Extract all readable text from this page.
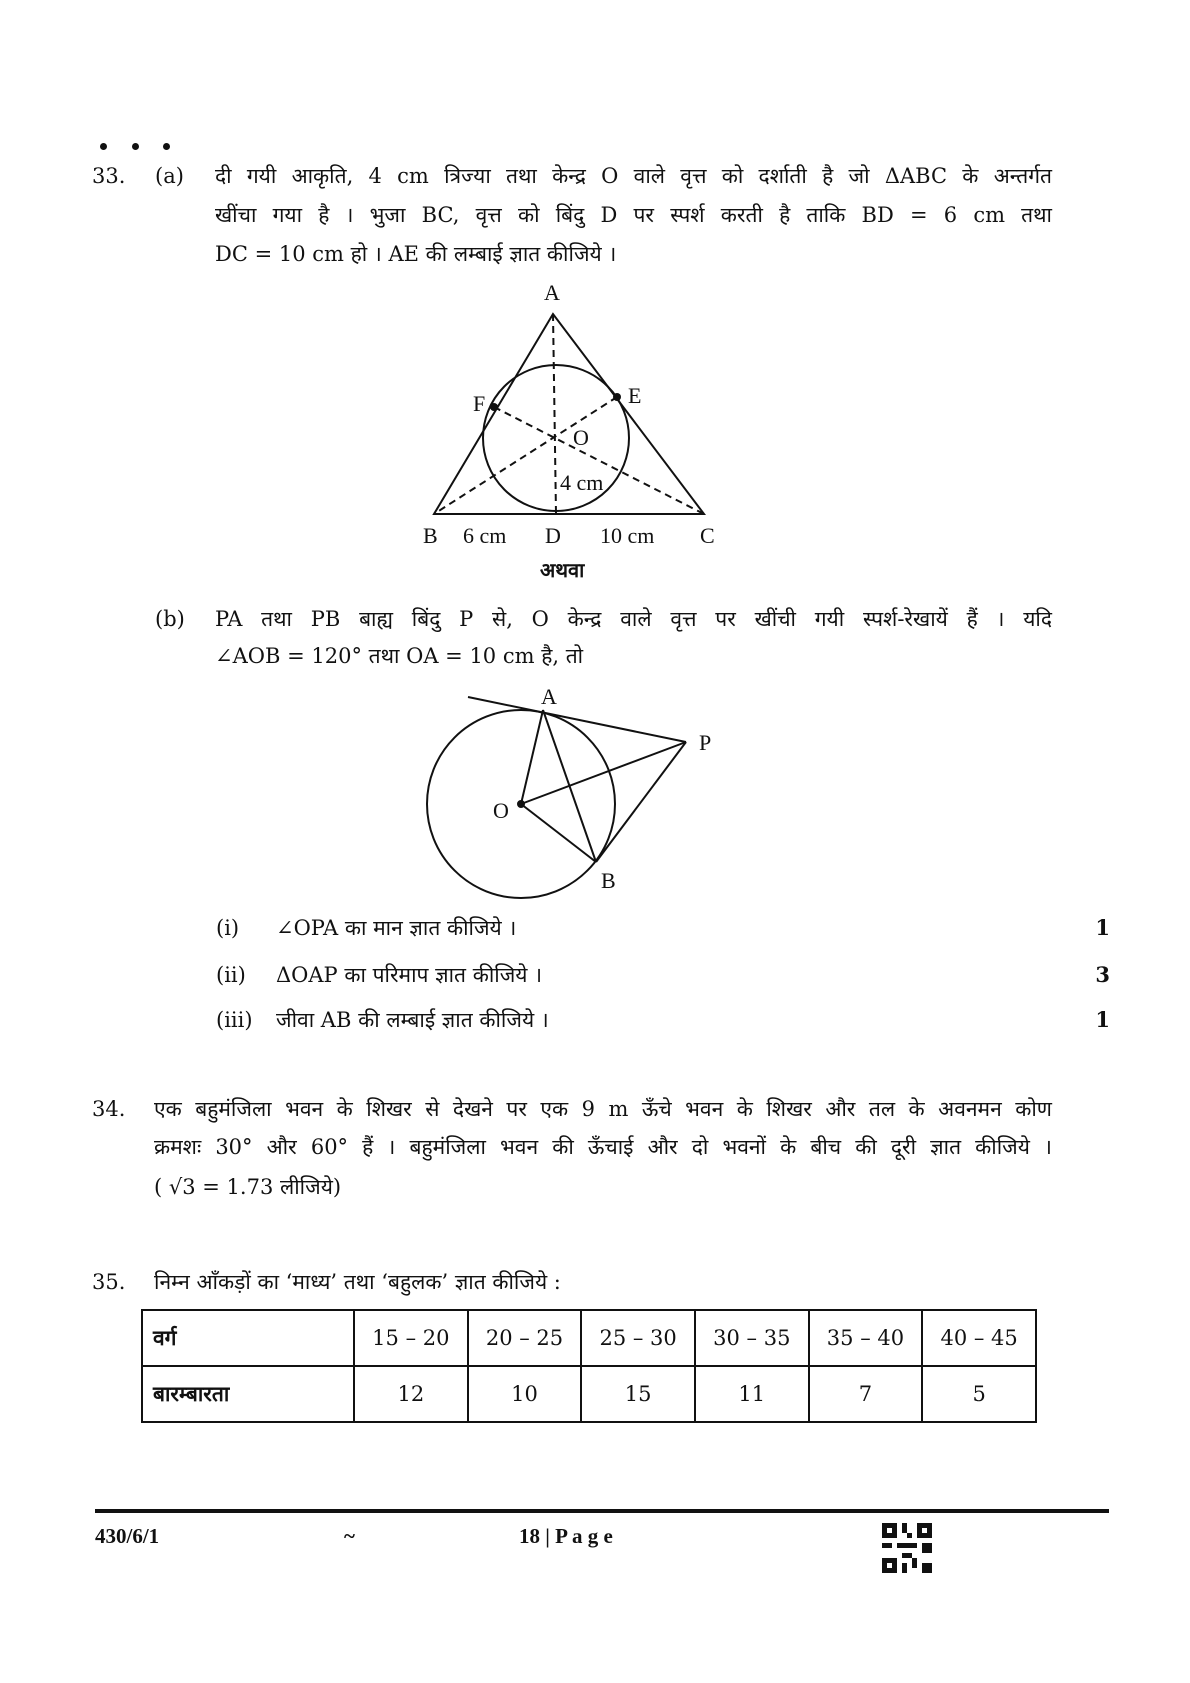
33. (a) दी गयी आकृति, 4 cm त्रिज्या तथा केन्द्र O वाले वृत्त को दर्शाती है जो ΔABC के अन्तर्गत
खींचा गया है । भुजा BC, वृत्त को बिंदु D पर स्पर्श करती है ताकि BD = 6 cm तथा
DC = 10 cm हो । AE की लम्बाई ज्ञात कीजिये ।
A
F	E
O
4 cm
B 6 cm D 10 cm C
अथवा
(b) PA तथा PB बाह्य बिंदु P से, O केन्द्र वाले वृत्त पर खींची गयी स्पर्श-रेखायें हैं । यदि
∠AOB = 120° तथा OA = 10 cm है, तो
A
P
O
B
(i) ∠OPA का मान ज्ञात कीजिये ।	1
(ii) ΔOAP का परिमाप ज्ञात कीजिये ।	3
(iii) जीवा AB की लम्बाई ज्ञात कीजिये ।	1
34. एक बहुमंजिला भवन के शिखर से देखने पर एक 9 m ऊँचे भवन के शिखर और तल के अवनमन कोण
क्रमशः 30° और 60° हैं । बहुमंजिला भवन की ऊँचाई और दो भवनों के बीच की दूरी ज्ञात कीजिये ।
( √3 = 1.73 लीजिये)
35. निम्न आँकड़ों का ‘माध्य’ तथा ‘बहुलक’ ज्ञात कीजिये :
वर्ग	15 – 20	20 – 25	25 – 30	30 – 35	35 – 40	40 – 45
बारम्बारता	12	10	15	11	7	5
430/6/1	~	18 | P a g e
